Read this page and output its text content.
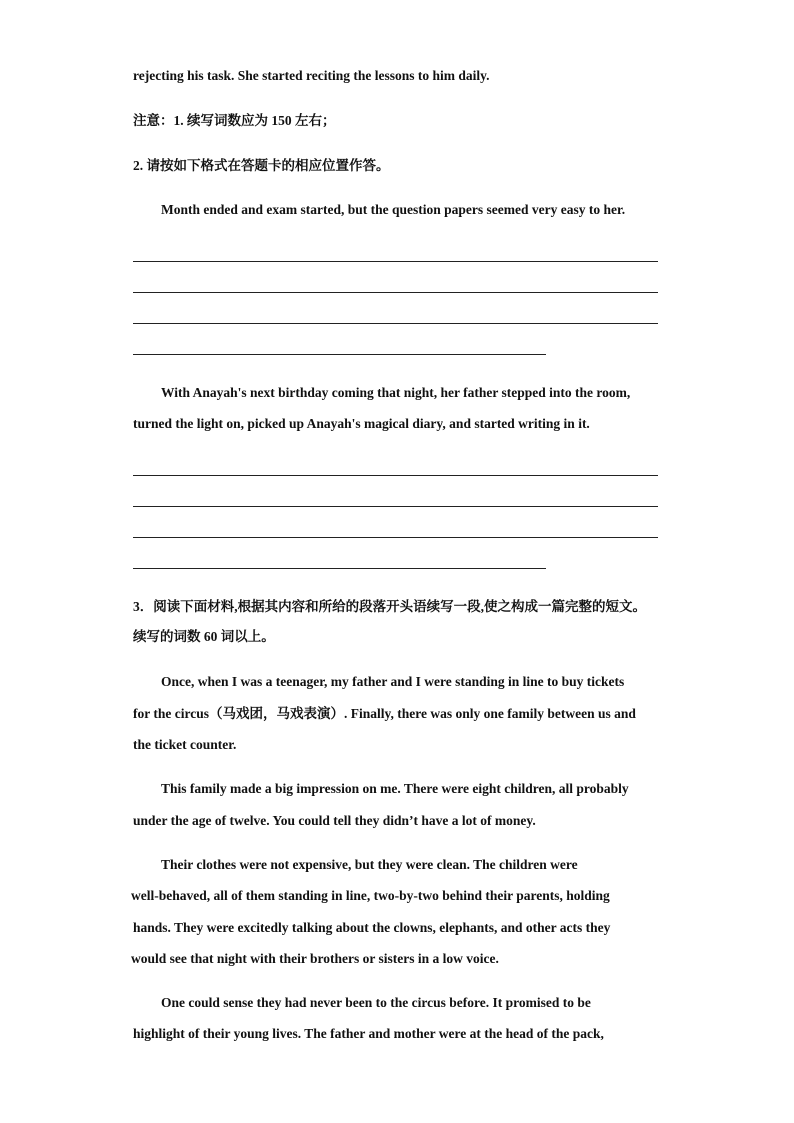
rejecting his task. She started reciting the lessons to him daily.
注意：1. 续写词数应为 150 左右；
2. 请按如下格式在答题卡的相应位置作答。
Month ended and exam started, but the question papers seemed very easy to her.
With Anayah's next birthday coming that night, her father stepped into the room,
turned the light on, picked up Anayah's magical diary, and started writing in it.
3．阅读下面材料,根据其内容和所给的段落开头语续写一段,使之构成一篇完整的短文。
续写的词数 60 词以上。
Once, when I was a teenager, my father and I were standing in line to buy tickets
for the circus（马戏团，马戏表演）. Finally, there was only one family between us and
the ticket counter.
This family made a big impression on me. There were eight children, all probably
under the age of twelve. You could tell they didn’t have a lot of money.
Their clothes were not expensive, but they were clean. The children were
well-behaved, all of them standing in line, two-by-two behind their parents, holding
hands. They were excitedly talking about the clowns, elephants, and other acts they
would see that night with their brothers or sisters in a low voice.
One could sense they had never been to the circus before. It promised to be
highlight of their young lives. The father and mother were at the head of the pack,
